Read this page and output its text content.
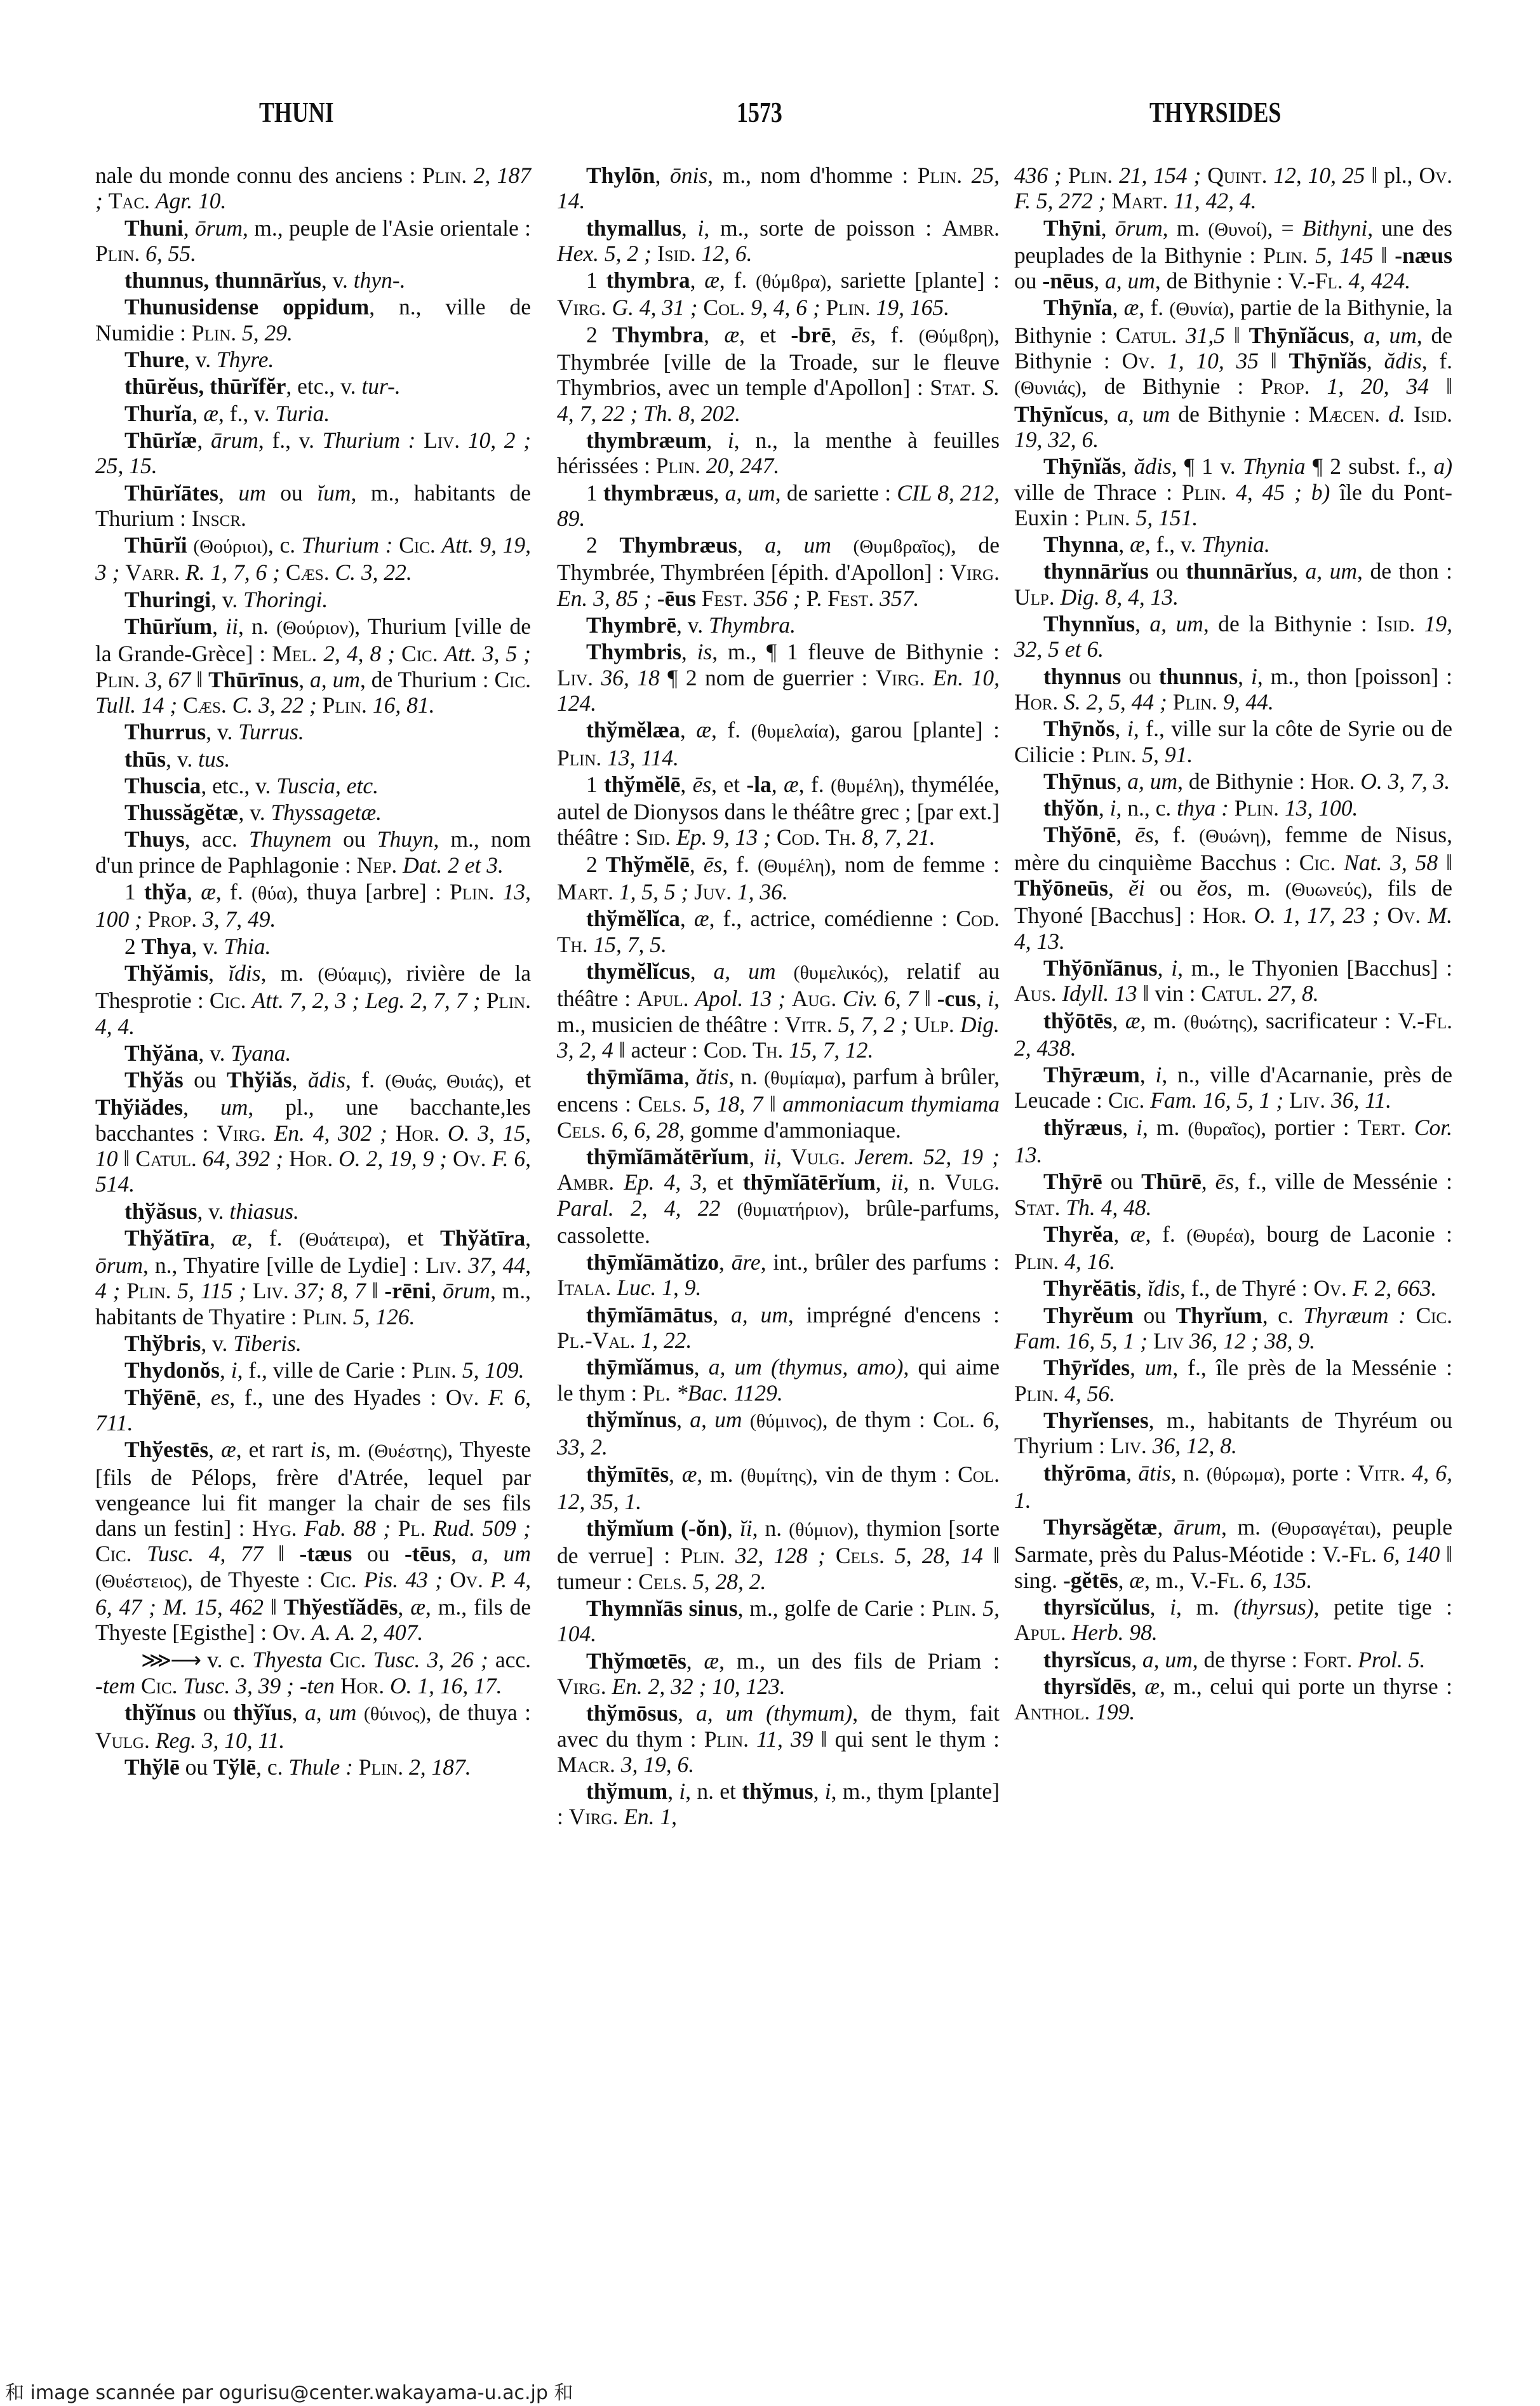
THUNI	1573	THYRSIDES

nale du monde connu des anciens : Plin. 2, 187 ; Tac. Agr. 10.

Thuni, ōrum, m., peuple de l'Asie orientale : Plin. 6, 55.

thunnus, thunnārĭus, v. thyn-.

Thunusidense oppidum, n., ville de Numidie : Plin. 5, 29.

Thure, v. Thyre.

thūrĕus, thūrĭfĕr, etc., v. tur-.

Thurĭa, æ, f., v. Turia.

Thūrĭæ, ārum, f., v. Thurium : Liv. 10, 2 ; 25, 15.

Thūrĭātes, um ou ĭum, m., habitants de Thurium : Inscr.

Thūrĭi (Θούριοι), c. Thurium : Cic. Att. 9, 19, 3 ; Varr. R. 1, 7, 6 ; Cæs. C. 3, 22.

Thuringi, v. Thoringi.

Thūrĭum, ii, n. (Θούριον), Thurium [ville de la Grande-Grèce] : Mel. 2, 4, 8 ; Cic. Att. 3, 5 ; Plin. 3, 67 ‖ Thūrīnus, a, um, de Thurium : Cic. Tull. 14 ; Cæs. C. 3, 22 ; Plin. 16, 81.

Thurrus, v. Turrus.

thūs, v. tus.

Thuscia, etc., v. Tuscia, etc.

Thussăgĕtæ, v. Thyssagetæ.

Thuys, acc. Thuynem ou Thuyn, m., nom d'un prince de Paphlagonie : Nep. Dat. 2 et 3.

1 thўa, æ, f. (θύα), thuya [arbre] : Plin. 13, 100 ; Prop. 3, 7, 49.

2 Thya, v. Thia.

Thўămis, ĭdis, m. (Θύαμις), rivière de la Thesprotie : Cic. Att. 7, 2, 3 ; Leg. 2, 7, 7 ; Plin. 4, 4.

Thўăna, v. Tyana.

Thўăs ou Thўiăs, ădis, f. (Θυάς, Θυιάς), et Thўiădes, um, pl., une bacchante,les bacchantes : Virg. En. 4, 302 ; Hor. O. 3, 15, 10 ‖ Catul. 64, 392 ; Hor. O. 2, 19, 9 ; Ov. F. 6, 514.

thўăsus, v. thiasus.

Thўătīra, æ, f. (Θυάτειρα), et Thўătīra, ōrum, n., Thyatire [ville de Lydie] : Liv. 37, 44, 4 ; Plin. 5, 115 ; Liv. 37; 8, 7 ‖ -rēni, ōrum, m., habitants de Thyatire : Plin. 5, 126.

Thўbris, v. Tiberis.

Thydonŏs, i, f., ville de Carie : Plin. 5, 109.

Thўēnē, es, f., une des Hyades : Ov. F. 6, 711.

Thўestēs, æ, et rart is, m. (Θυέστης), Thyeste [fils de Pélops, frère d'Atrée, lequel par vengeance lui fit manger la chair de ses fils dans un festin] : Hyg. Fab. 88 ; Pl. Rud. 509 ; Cic. Tusc. 4, 77 ‖ -tæus ou -tēus, a, um (Θυέστειος), de Thyeste : Cic. Pis. 43 ; Ov. P. 4, 6, 47 ; M. 15, 462 ‖ Thўestĭădēs, æ, m., fils de Thyeste [Egisthe] : Ov. A. A. 2, 407.

⋙⟶ v. c. Thyesta Cic. Tusc. 3, 26 ; acc. -tem Cic. Tusc. 3, 39 ; -ten Hor. O. 1, 16, 17.

thўĭnus ou thўĭus, a, um (θύινος), de thuya : Vulg. Reg. 3, 10, 11.

Thўlē ou Tўlē, c. Thule : Plin. 2, 187.

Thylōn, ōnis, m., nom d'homme : Plin. 25, 14.

thymallus, i, m., sorte de poisson : Ambr. Hex. 5, 2 ; Isid. 12, 6.

1 thymbra, æ, f. (θύμϐρα), sariette [plante] : Virg. G. 4, 31 ; Col. 9, 4, 6 ; Plin. 19, 165.

2 Thymbra, æ, et -brē, ēs, f. (Θύμϐρη), Thymbrée [ville de la Troade, sur le fleuve Thymbrios, avec un temple d'Apollon] : Stat. S. 4, 7, 22 ; Th. 8, 202.

thymbræum, i, n., la menthe à feuilles hérissées : Plin. 20, 247.

1 thymbræus, a, um, de sariette : CIL 8, 212, 89.

2 Thymbræus, a, um (Θυμϐραῖος), de Thymbrée, Thymbréen [épith. d'Apollon] : Virg. En. 3, 85 ; -ēus Fest. 356 ; P. Fest. 357.

Thymbrē, v. Thymbra.

Thymbris, is, m., ¶ 1 fleuve de Bithynie : Liv. 36, 18 ¶ 2 nom de guerrier : Virg. En. 10, 124.

thўmĕlæa, æ, f. (θυμελαία), garou [plante] : Plin. 13, 114.

1 thўmĕlē, ēs, et -la, æ, f. (θυμέλη), thymélée, autel de Dionysos dans le théâtre grec ; [par ext.] théâtre : Sid. Ep. 9, 13 ; Cod. Th. 8, 7, 21.

2 Thўmĕlē, ēs, f. (Θυμέλη), nom de femme : Mart. 1, 5, 5 ; Juv. 1, 36.

thўmĕlĭca, æ, f., actrice, comédienne : Cod. Th. 15, 7, 5.

thymĕlĭcus, a, um (θυμελικός), relatif au théâtre : Apul. Apol. 13 ; Aug. Civ. 6, 7 ‖ -cus, i, m., musicien de théâtre : Vitr. 5, 7, 2 ; Ulp. Dig. 3, 2, 4 ‖ acteur : Cod. Th. 15, 7, 12.

thȳmĭāma, ătis, n. (θυμίαμα), parfum à brûler, encens : Cels. 5, 18, 7 ‖ ammoniacum thymiama Cels. 6, 6, 28, gomme d'ammoniaque.

thȳmĭāmătērĭum, ii, Vulg. Jerem. 52, 19 ; Ambr. Ep. 4, 3, et thȳmĭātērĭum, ii, n. Vulg. Paral. 2, 4, 22 (θυμιατήριον), brûle-parfums, cassolette.

thȳmĭāmătizo, āre, int., brûler des parfums : Itala. Luc. 1, 9.

thȳmĭāmātus, a, um, imprégné d'encens : Pl.-Val. 1, 22.

thȳmĭămus, a, um (thymus, amo), qui aime le thym : Pl. *Bac. 1129.

thўmĭnus, a, um (θύμινος), de thym : Col. 6, 33, 2.

thўmītēs, æ, m. (θυμίτης), vin de thym : Col. 12, 35, 1.

thўmĭum (-ŏn), ĭi, n. (θύμιον), thymion [sorte de verrue] : Plin. 32, 128 ; Cels. 5, 28, 14 ‖ tumeur : Cels. 5, 28, 2.

Thymnĭās sinus, m., golfe de Carie : Plin. 5, 104.

Thўmœtēs, æ, m., un des fils de Priam : Virg. En. 2, 32 ; 10, 123.

thўmōsus, a, um (thymum), de thym, fait avec du thym : Plin. 11, 39 ‖ qui sent le thym : Macr. 3, 19, 6.

thўmum, i, n. et thўmus, i, m., thym [plante] : Virg. En. 1,

436 ; Plin. 21, 154 ; Quint. 12, 10, 25 ‖ pl., Ov. F. 5, 272 ; Mart. 11, 42, 4.

Thȳni, ōrum, m. (Θυνοί), = Bithyni, une des peuplades de la Bithynie : Plin. 5, 145 ‖ -næus ou -nēus, a, um, de Bithynie : V.-Fl. 4, 424.

Thȳnĭa, æ, f. (Θυνία), partie de la Bithynie, la Bithynie : Catul. 31,5 ‖ Thȳnĭăcus, a, um, de Bithynie : Ov. 1, 10, 35 ‖ Thȳnĭăs, ădis, f. (Θυνιάς), de Bithynie : Prop. 1, 20, 34 ‖ Thȳnĭcus, a, um de Bithynie : Mæcen. d. Isid. 19, 32, 6.

Thȳnĭăs, ădis, ¶ 1 v. Thynia ¶ 2 subst. f., a) ville de Thrace : Plin. 4, 45 ; b) île du Pont-Euxin : Plin. 5, 151.

Thynna, æ, f., v. Thynia.

thynnārĭus ou thunnārĭus, a, um, de thon : Ulp. Dig. 8, 4, 13.

Thynnĭus, a, um, de la Bithynie : Isid. 19, 32, 5 et 6.

thynnus ou thunnus, i, m., thon [poisson] : Hor. S. 2, 5, 44 ; Plin. 9, 44.

Thȳnŏs, i, f., ville sur la côte de Syrie ou de Cilicie : Plin. 5, 91.

Thȳnus, a, um, de Bithynie : Hor. O. 3, 7, 3.

thўŏn, i, n., c. thya : Plin. 13, 100.

Thўōnē, ēs, f. (Θυώνη), femme de Nisus, mère du cinquième Bacchus : Cic. Nat. 3, 58 ‖ Thўōneūs, ĕi ou ĕos, m. (Θυωνεύς), fils de Thyoné [Bacchus] : Hor. O. 1, 17, 23 ; Ov. M. 4, 13.

Thўōnĭānus, i, m., le Thyonien [Bacchus] : Aus. Idyll. 13 ‖ vin : Catul. 27, 8.

thўōtēs, æ, m. (θυώτης), sacrificateur : V.-Fl. 2, 438.

Thȳræum, i, n., ville d'Acarnanie, près de Leucade : Cic. Fam. 16, 5, 1 ; Liv. 36, 11.

thўræus, i, m. (θυραῖος), portier : Tert. Cor. 13.

Thȳrē ou Thūrē, ēs, f., ville de Messénie : Stat. Th. 4, 48.

Thyrĕa, æ, f. (Θυρέα), bourg de Laconie : Plin. 4, 16.

Thyrĕātis, ĭdis, f., de Thyré : Ov. F. 2, 663.

Thyrĕum ou Thyrĭum, c. Thyræum : Cic. Fam. 16, 5, 1 ; Liv 36, 12 ; 38, 9.

Thȳrĭdes, um, f., île près de la Messénie : Plin. 4, 56.

Thyrĭenses, m., habitants de Thyréum ou Thyrium : Liv. 36, 12, 8.

thўrōma, ātis, n. (θύρωμα), porte : Vitr. 4, 6, 1.

Thyrsăgĕtæ, ārum, m. (Θυρσαγέται), peuple Sarmate, près du Palus-Méotide : V.-Fl. 6, 140 ‖ sing. -gĕtēs, æ, m., V.-Fl. 6, 135.

thyrsĭcŭlus, i, m. (thyrsus), petite tige : Apul. Herb. 98.

thyrsĭcus, a, um, de thyrse : Fort. Prol. 5.

thyrsĭdēs, æ, m., celui qui porte un thyrse : Anthol. 199.

和 image scannée par ogurisu@center.wakayama-u.ac.jp 和
